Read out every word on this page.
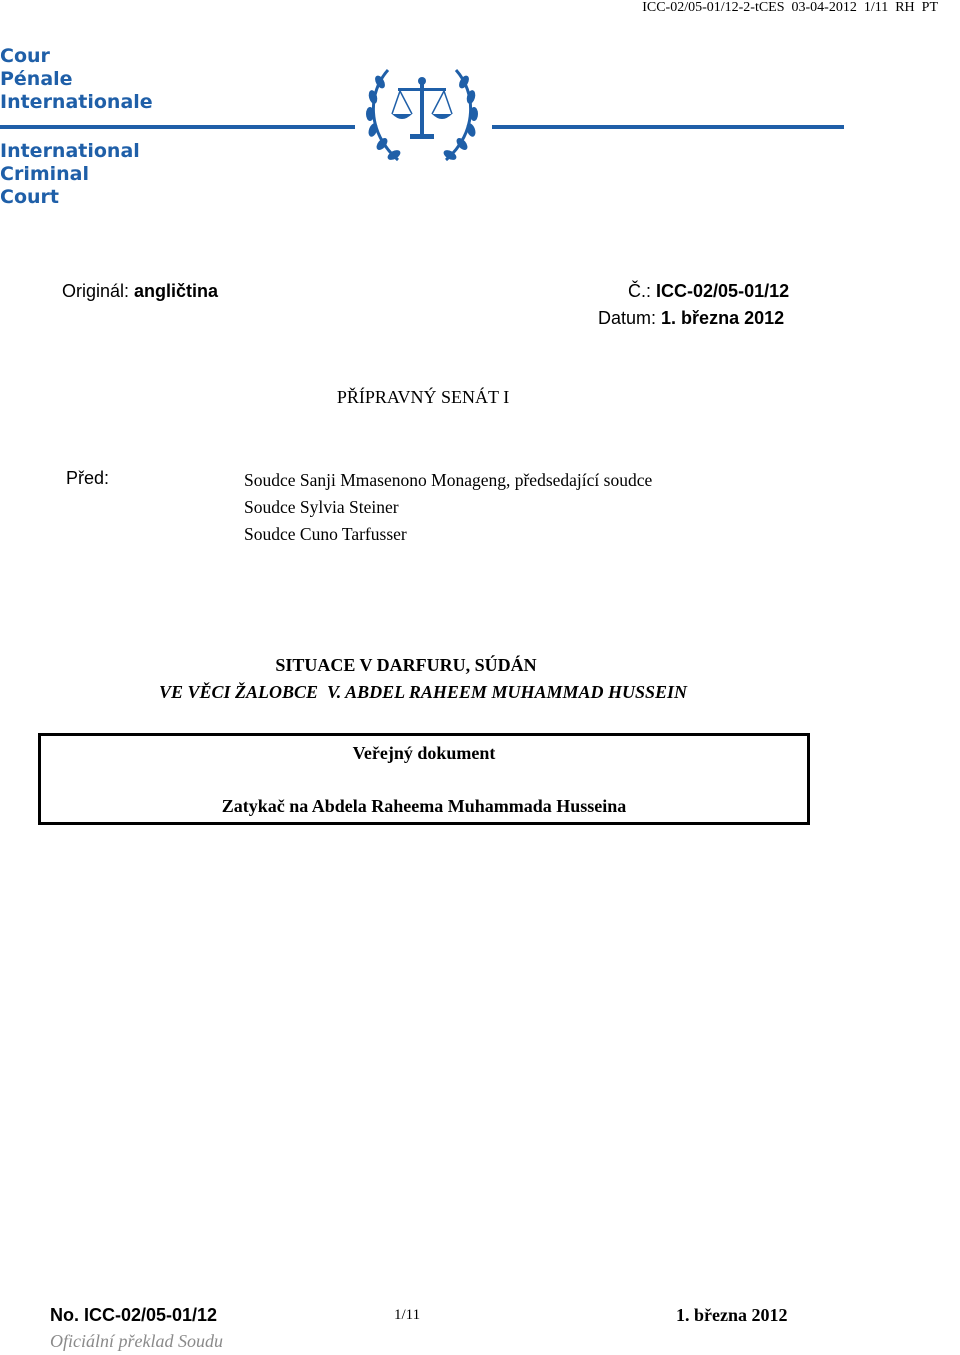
ICC-02/05-01/12-2-tCES  03-04-2012  1/11  RH  PT
Cour
Pénale
Internationale
International
Criminal
Court
Originál: angličtina	Č.: ICC-02/05-01/12
Datum: 1. března 2012
PŘÍPRAVNÝ SENÁT I
Před:	Soudce Sanji Mmasenono Monageng, předsedající soudce
Soudce Sylvia Steiner
Soudce Cuno Tarfusser
SITUACE V DARFURU, SÚDÁN
VE VĚCI ŽALOBCE  V. ABDEL RAHEEM MUHAMMAD HUSSEIN
Veřejný dokument
Zatykač na Abdela Raheema Muhammada Husseina
No. ICC-02/05-01/12	1/11	1. března 2012
Oficiální překlad Soudu
